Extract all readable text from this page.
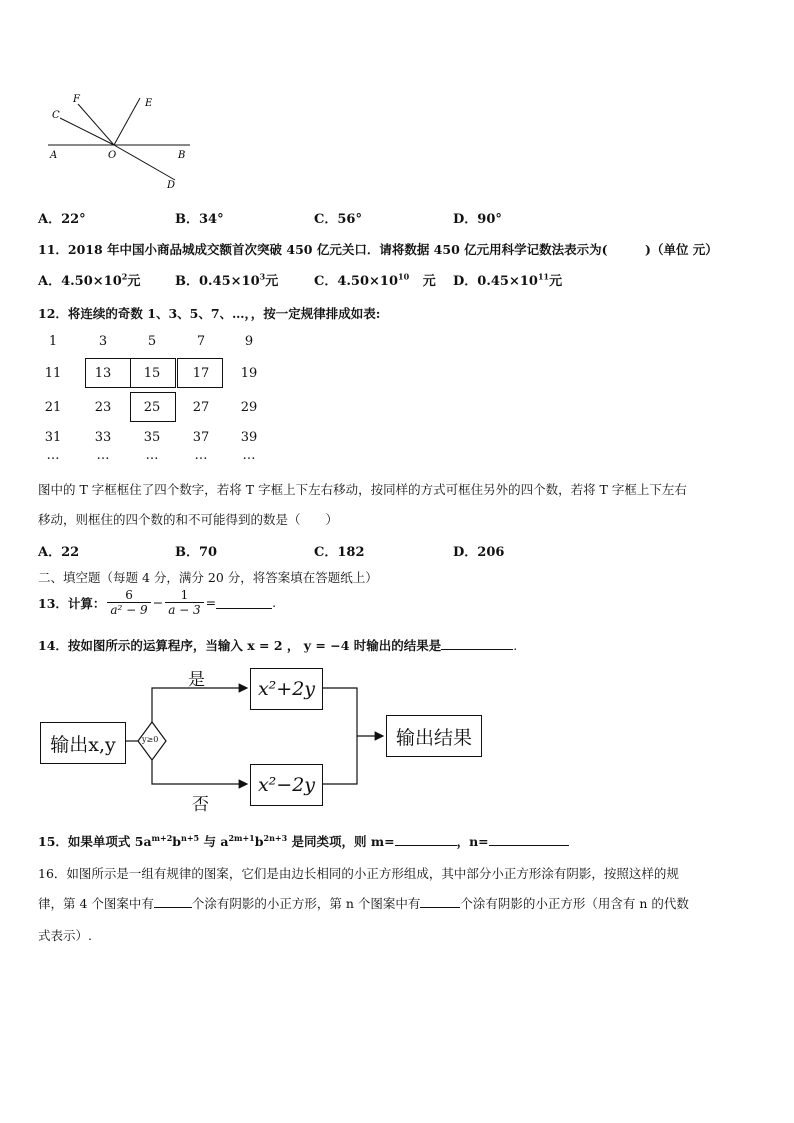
C
F	E
A	O	B
D
A．22°	B．34°	C．56°	D．90°
11．2018 年中国小商品城成交额首次突破 450 亿元关口．请将数据 450 亿元用科学记数法表示为(　　　)（单位 元）
A．$4.50\times 10^2$元	B．$0.45\times 10^3$元	C．$4.50\times 10^{10}$ 元 D．$0.45\times 10^{11}$元
12．将连续的奇数 1、3、5、7、…，，按一定规律排成如表:
1	3	5	7	9
11	13	15	17	19
21	23	25	27	29
31	33	35	37	39
…	…	…	…	…
图中的 T 字框框住了四个数字，若将 T 字框上下左右移动，按同样的方式可框住另外的四个数，若将 T 字框上下左右
移动，则框住的四个数的和不可能得到的数是（　　）
A．22	B．70	C．182	D．206
二、填空题（每题 4 分，满分 20 分，将答案填在答题纸上）
13．计算： $\frac{6}{\text{a² − 9}} - \frac{1}{a - 3}$ =	.
14．按如图所示的运算程序，当输入 x = 2 ， y = −4 时输出的结果是	.
输出x,y	y≥0
是
否
x²+2y
x²−2y
输出结果
15．如果单项式 $5a^{m+2}b^{n+5}$ 与 $a^{2m+1}b^{2n+3}$ 是同类项，则 m=	，n=
16．如图所示是一组有规律的图案，它们是由边长相同的小正方形组成，其中部分小正方形涂有阴影，按照这样的规
律，第 4 个图案中有	个涂有阴影的小正方形，第 n 个图案中有	个涂有阴影的小正方形（用含有 n 的代数
式表示）.
